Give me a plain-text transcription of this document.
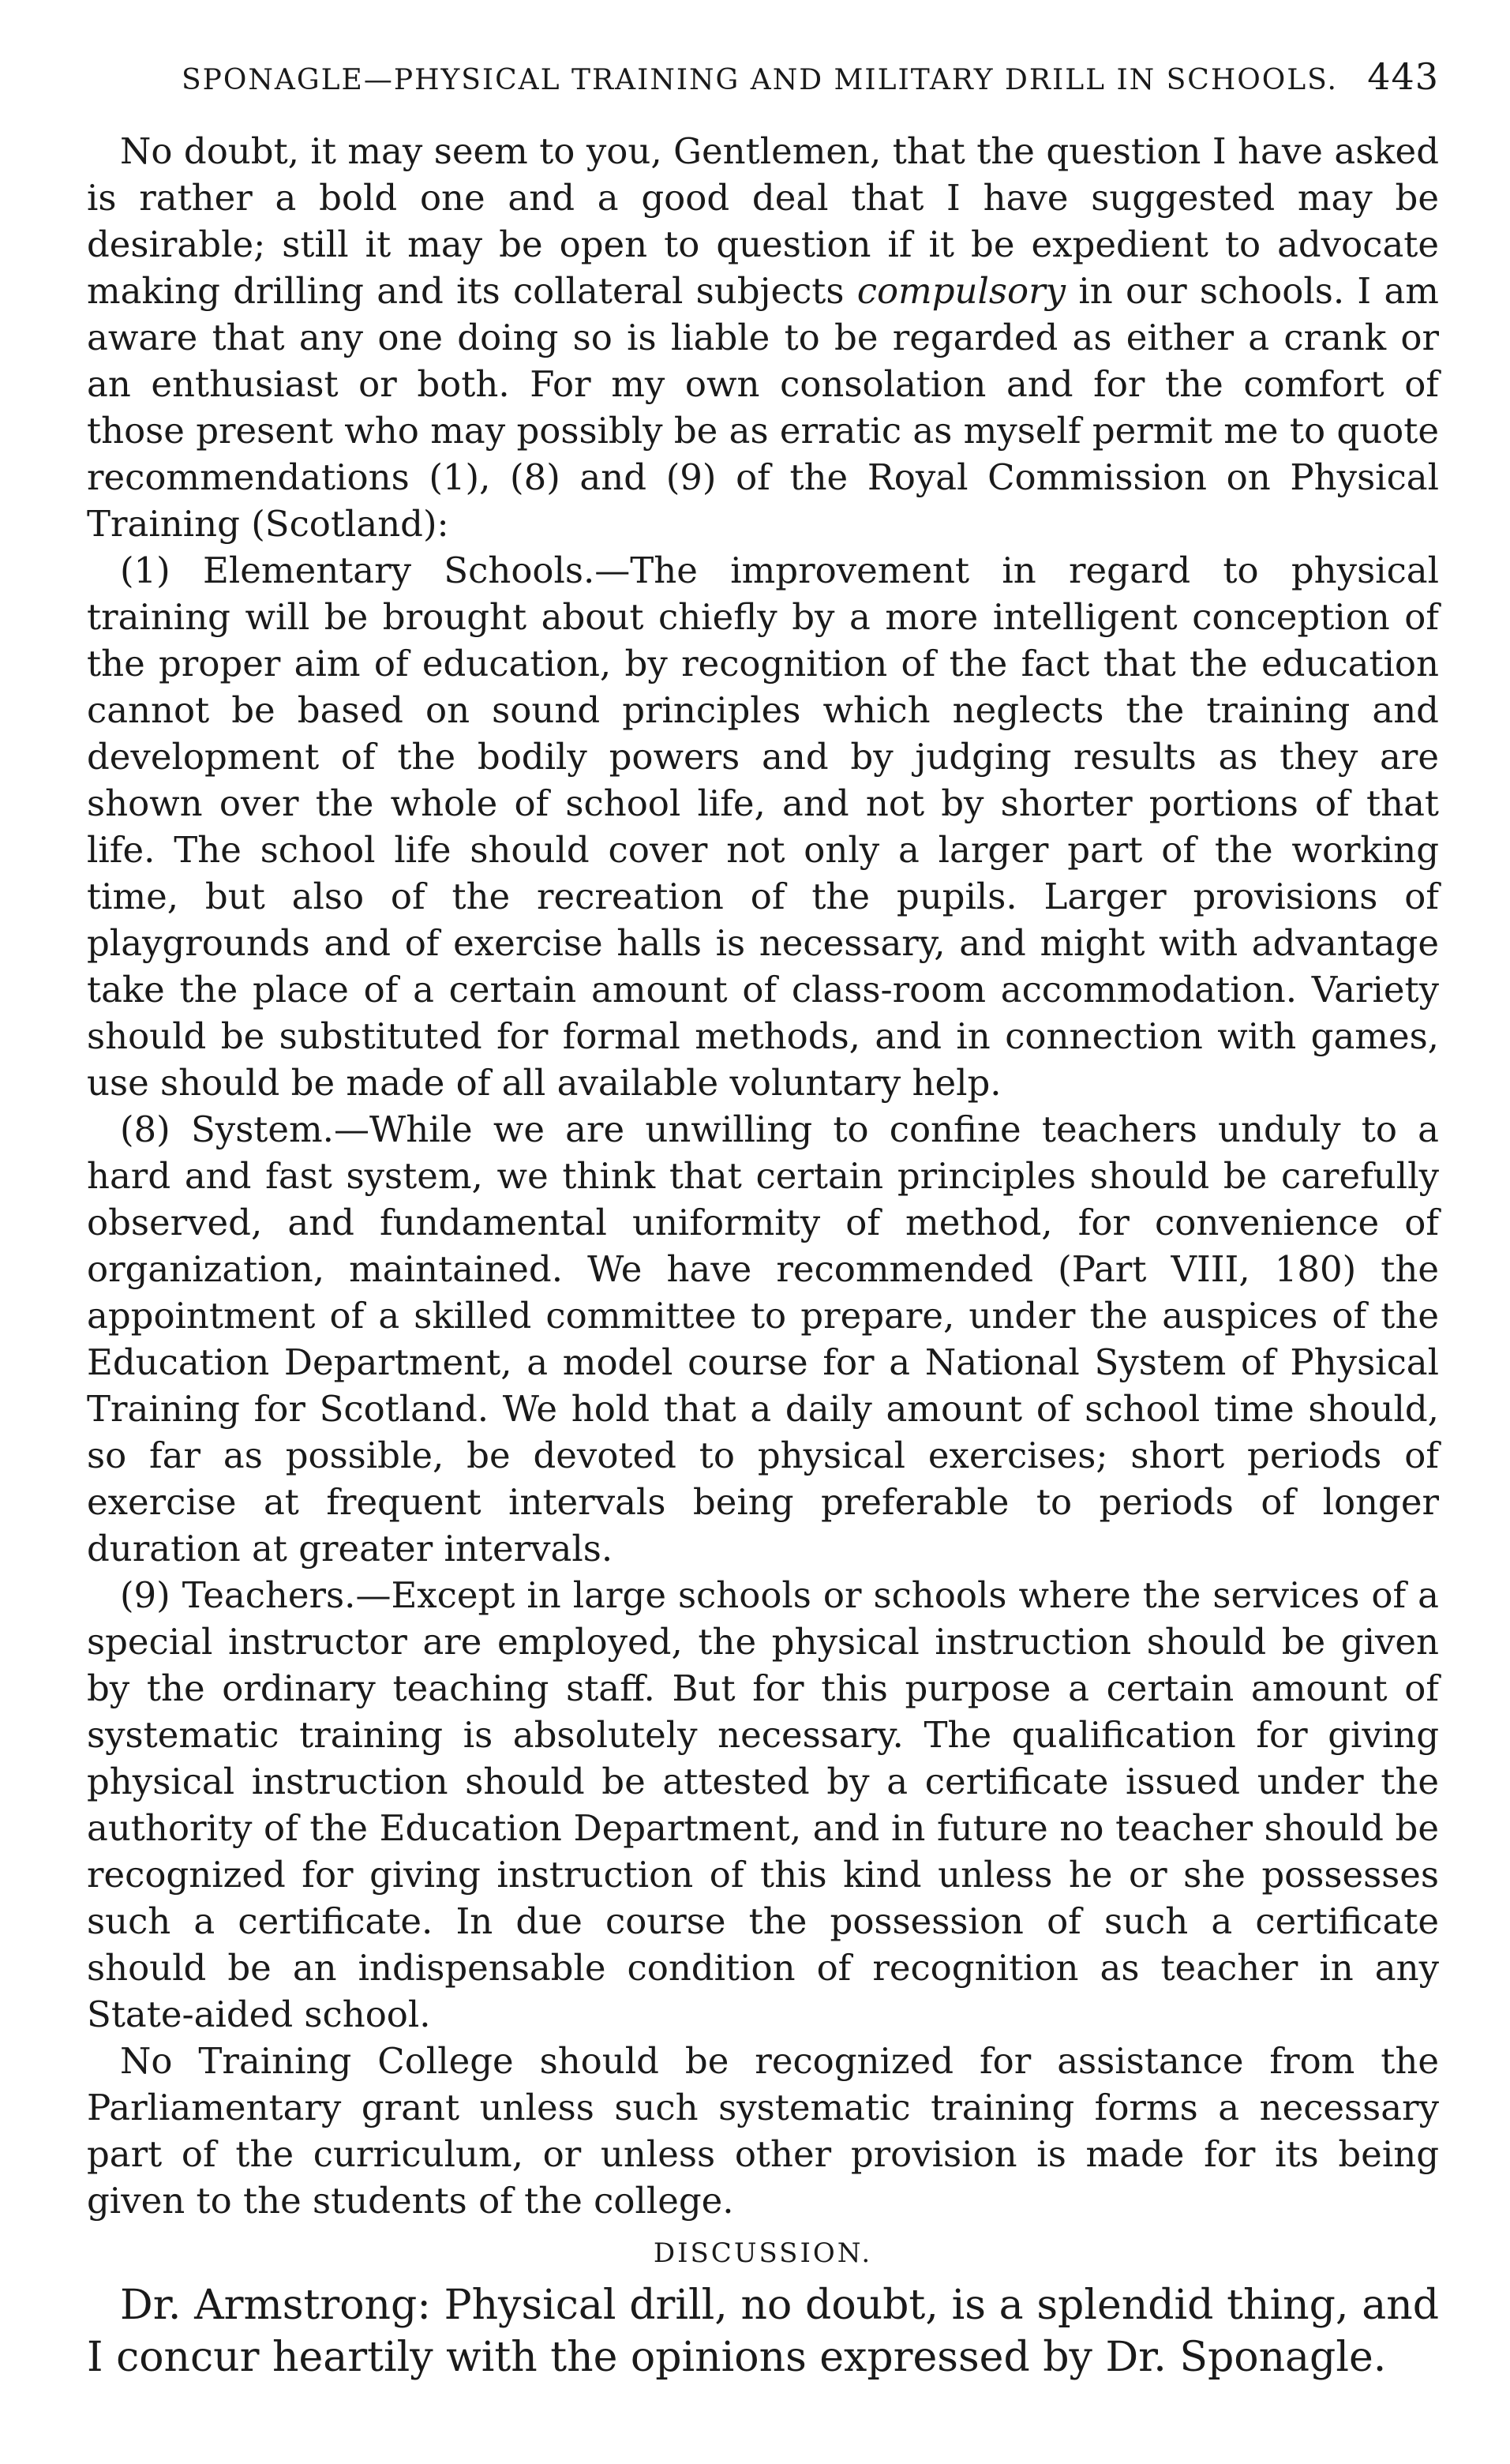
SPONAGLE—PHYSICAL TRAINING AND MILITARY DRILL IN SCHOOLS. 443

No doubt, it may seem to you, Gentlemen, that the question I have asked is rather a bold one and a good deal that I have suggested may be desirable; still it may be open to question if it be expedient to advocate making drilling and its collateral subjects compulsory in our schools. I am aware that any one doing so is liable to be regarded as either a crank or an enthusiast or both. For my own consolation and for the comfort of those present who may possibly be as erratic as myself permit me to quote recommendations (1), (8) and (9) of the Royal Commission on Physical Training (Scotland):

(1) Elementary Schools.—The improvement in regard to physical training will be brought about chiefly by a more intelligent conception of the proper aim of education, by recognition of the fact that the education cannot be based on sound principles which neglects the training and development of the bodily powers and by judging results as they are shown over the whole of school life, and not by shorter portions of that life. The school life should cover not only a larger part of the working time, but also of the recreation of the pupils. Larger provisions of playgrounds and of exercise halls is necessary, and might with advantage take the place of a certain amount of class-room accommodation. Variety should be substituted for formal methods, and in connection with games, use should be made of all available voluntary help.

(8) System.—While we are unwilling to confine teachers unduly to a hard and fast system, we think that certain principles should be carefully observed, and fundamental uniformity of method, for convenience of organization, maintained. We have recommended (Part VIII, 180) the appointment of a skilled committee to prepare, under the auspices of the Education Department, a model course for a National System of Physical Training for Scotland. We hold that a daily amount of school time should, so far as possible, be devoted to physical exercises; short periods of exercise at frequent intervals being preferable to periods of longer duration at greater intervals.

(9) Teachers.—Except in large schools or schools where the services of a special instructor are employed, the physical instruction should be given by the ordinary teaching staff. But for this purpose a certain amount of systematic training is absolutely necessary. The qualification for giving physical instruction should be attested by a certificate issued under the authority of the Education Department, and in future no teacher should be recognized for giving instruction of this kind unless he or she possesses such a certificate. In due course the possession of such a certificate should be an indispensable condition of recognition as teacher in any State-aided school.

No Training College should be recognized for assistance from the Parliamentary grant unless such systematic training forms a necessary part of the curriculum, or unless other provision is made for its being given to the students of the college.

DISCUSSION.

Dr. Armstrong: Physical drill, no doubt, is a splendid thing, and I concur heartily with the opinions expressed by Dr. Sponagle.
